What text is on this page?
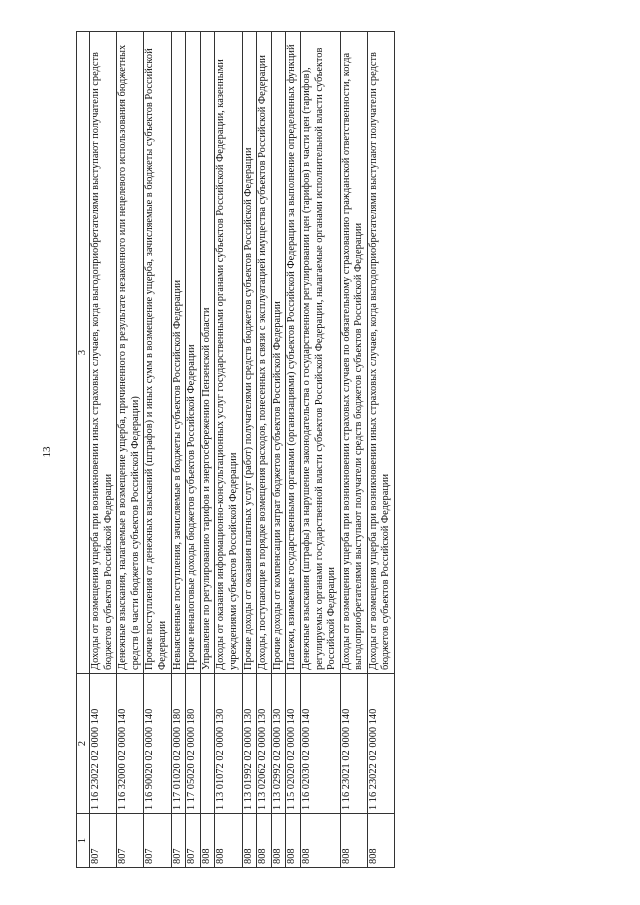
13
1	2	3
807	1 16 23022 02 0000 140	Доходы от возмещения ущерба при возникновении иных страховых случаев, когда выгодоприобретателями выступают получатели средств бюджетов субъектов Российской Федерации
807	1 16 32000 02 0000 140	Денежные взыскания, налагаемые в возмещение ущерба, причиненного в результате незаконного или нецелевого использования бюджетных средств (в части бюджетов субъектов Российской Федерации)
807	1 16 90020 02 0000 140	Прочие поступления от денежных взысканий (штрафов) и иных сумм в возмещение ущерба, зачисляемые в бюджеты субъектов Российской Федерации
807	1 17 01020 02 0000 180	Невыясненные поступления, зачисляемые в бюджеты субъектов Российской Федерации
807	1 17 05020 02 0000 180	Прочие неналоговые доходы бюджетов субъектов Российской Федерации
808		Управление по регулированию тарифов и энергосбережению Пензенской области
808	1 13 01072 02 0000 130	Доходы от оказания информационно-консультационных услуг государственными органами субъектов Российской Федерации, казенными учреждениями субъектов Российской Федерации
808	1 13 01992 02 0000 130	Прочие доходы от оказания платных услуг (работ) получателями средств бюджетов субъектов Российской Федерации
808	1 13 02062 02 0000 130	Доходы, поступающие в порядке возмещения расходов, понесенных в связи с эксплуатацией имущества субъектов Российской Федерации
808	1 13 02992 02 0000 130	Прочие доходы от компенсации затрат бюджетов субъектов Российской Федерации
808	1 15 02020 02 0000 140	Платежи, взимаемые государственными органами (организациями) субъектов Российской Федерации за выполнение определенных функций
808	1 16 02030 02 0000 140	Денежные взыскания (штрафы) за нарушение законодательства о государственном регулировании цен (тарифов) в части цен (тарифов), регулируемых органами государственной власти субъектов Российской Федерации, налагаемые органами исполнительной власти субъектов Российской Федерации
808	1 16 23021 02 0000 140	Доходы от возмещения ущерба при возникновении страховых случаев по обязательному страхованию гражданской ответственности, когда выгодоприобретателями выступают получатели средств бюджетов субъектов Российской Федерации
808	1 16 23022 02 0000 140	Доходы от возмещения ущерба при возникновении иных страховых случаев, когда выгодоприобретателями выступают получатели средств бюджетов субъектов Российской Федерации
